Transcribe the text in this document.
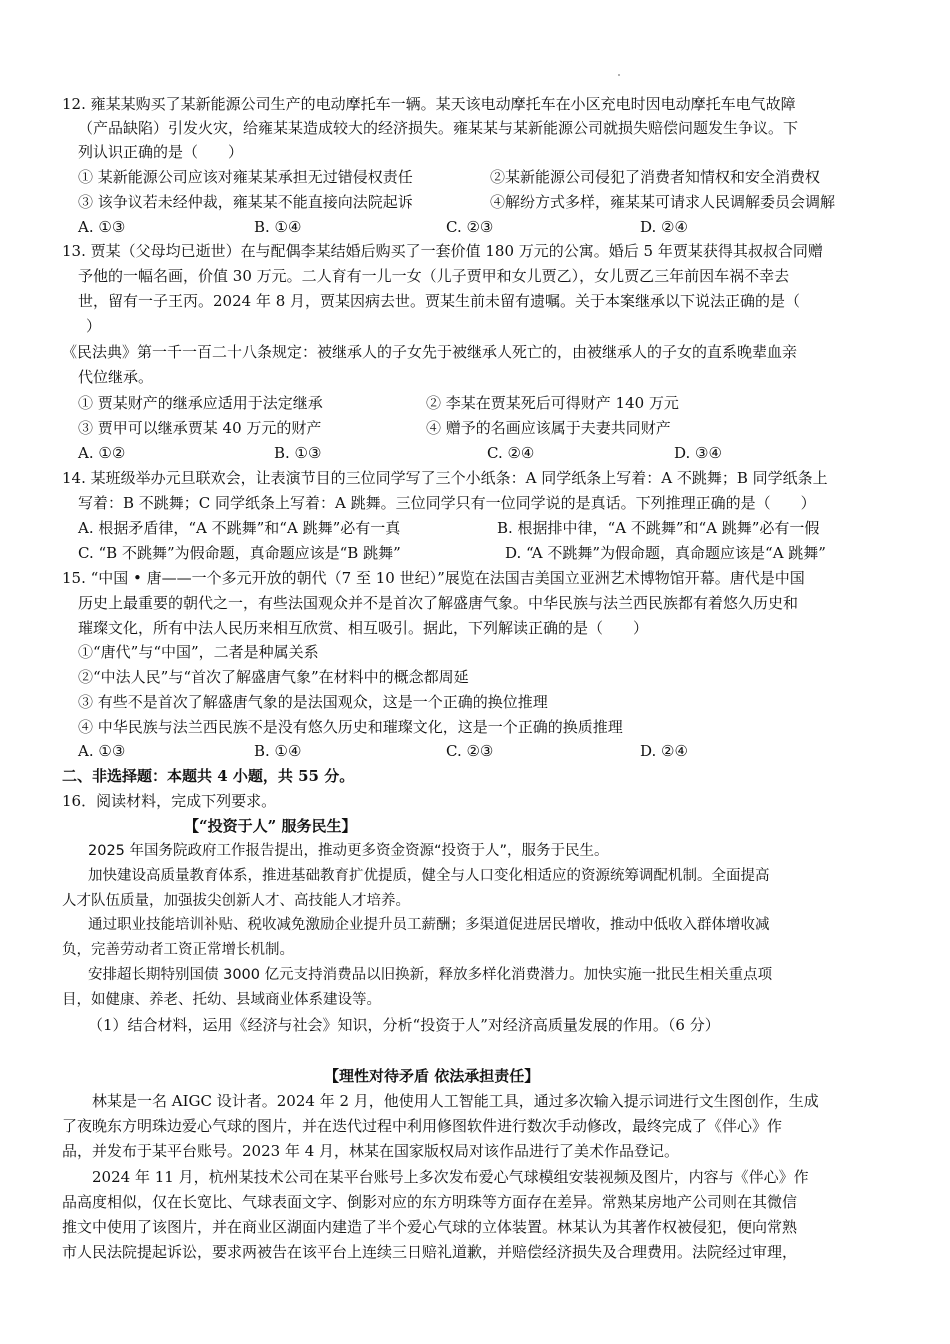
12. 雍某某购买了某新能源公司生产的电动摩托车一辆。某天该电动摩托车在小区充电时因电动摩托车电气故障
（产品缺陷）引发火灾，给雍某某造成较大的经济损失。雍某某与某新能源公司就损失赔偿问题发生争议。下
列认识正确的是（　　）
① 某新能源公司应该对雍某某承担无过错侵权责任	②某新能源公司侵犯了消费者知情权和安全消费权
③ 该争议若未经仲裁，雍某某不能直接向法院起诉	④解纷方式多样，雍某某可请求人民调解委员会调解
A. ①③	B. ①④	C. ②③	D. ②④
13. 贾某（父母均已逝世）在与配偶李某结婚后购买了一套价值 180 万元的公寓。婚后 5 年贾某获得其叔叔合同赠
予他的一幅名画，价值 30 万元。二人育有一儿一女（儿子贾甲和女儿贾乙），女儿贾乙三年前因车祸不幸去
世，留有一子王丙。2024 年 8 月，贾某因病去世。贾某生前未留有遗嘱。关于本案继承以下说法正确的是（
）
《民法典》第一千一百二十八条规定：被继承人的子女先于被继承人死亡的，由被继承人的子女的直系晚辈血亲
代位继承。
① 贾某财产的继承应适用于法定继承	② 李某在贾某死后可得财产 140 万元
③ 贾甲可以继承贾某 40 万元的财产	④ 赠予的名画应该属于夫妻共同财产
A. ①②	B. ①③	C. ②④	D. ③④
14. 某班级举办元旦联欢会，让表演节目的三位同学写了三个小纸条：A 同学纸条上写着：A 不跳舞；B 同学纸条上
写着：B 不跳舞；C 同学纸条上写着：A 跳舞。三位同学只有一位同学说的是真话。下列推理正确的是（　　）
A. 根据矛盾律，“A 不跳舞”和“A 跳舞”必有一真	B. 根据排中律，“A 不跳舞”和“A 跳舞”必有一假
C. “B 不跳舞”为假命题，真命题应该是“B 跳舞”	D. “A 不跳舞”为假命题，真命题应该是“A 跳舞”
15. “中国 • 唐——一个多元开放的朝代（7 至 10 世纪）”展览在法国吉美国立亚洲艺术博物馆开幕。唐代是中国
历史上最重要的朝代之一，有些法国观众并不是首次了解盛唐气象。中华民族与法兰西民族都有着悠久历史和
璀璨文化，所有中法人民历来相互欣赏、相互吸引。据此，下列解读正确的是（　　）
①“唐代”与“中国”，二者是种属关系
②“中法人民”与“首次了解盛唐气象”在材料中的概念都周延
③ 有些不是首次了解盛唐气象的是法国观众，这是一个正确的换位推理
④ 中华民族与法兰西民族不是没有悠久历史和璀璨文化，这是一个正确的换质推理
A. ①③	B. ①④	C. ②③	D. ②④
二、非选择题：本题共 4 小题，共 55 分。
16．阅读材料，完成下列要求。
【“投资于人” 服务民生】
2025 年国务院政府工作报告提出，推动更多资金资源“投资于人”，服务于民生。
加快建设高质量教育体系，推进基础教育扩优提质，健全与人口变化相适应的资源统筹调配机制。全面提高
人才队伍质量，加强拔尖创新人才、高技能人才培养。
通过职业技能培训补贴、税收减免激励企业提升员工薪酬；多渠道促进居民增收，推动中低收入群体增收减
负，完善劳动者工资正常增长机制。
安排超长期特别国债 3000 亿元支持消费品以旧换新，释放多样化消费潜力。加快实施一批民生相关重点项
目，如健康、养老、托幼、县域商业体系建设等。
（1）结合材料，运用《经济与社会》知识，分析“投资于人”对经济高质量发展的作用。（6 分）
【理性对待矛盾 依法承担责任】
林某是一名 AIGC 设计者。2024 年 2 月，他使用人工智能工具，通过多次输入提示词进行文生图创作，生成
了夜晚东方明珠边爱心气球的图片，并在迭代过程中利用修图软件进行数次手动修改，最终完成了《伴心》作
品，并发布于某平台账号。2023 年 4 月，林某在国家版权局对该作品进行了美术作品登记。
2024 年 11 月，杭州某技术公司在某平台账号上多次发布爱心气球模组安装视频及图片，内容与《伴心》作
品高度相似，仅在长宽比、气球表面文字、倒影对应的东方明珠等方面存在差异。常熟某房地产公司则在其微信
推文中使用了该图片，并在商业区湖面内建造了半个爱心气球的立体装置。林某认为其著作权被侵犯，便向常熟
市人民法院提起诉讼，要求两被告在该平台上连续三日赔礼道歉，并赔偿经济损失及合理费用。法院经过审理，
